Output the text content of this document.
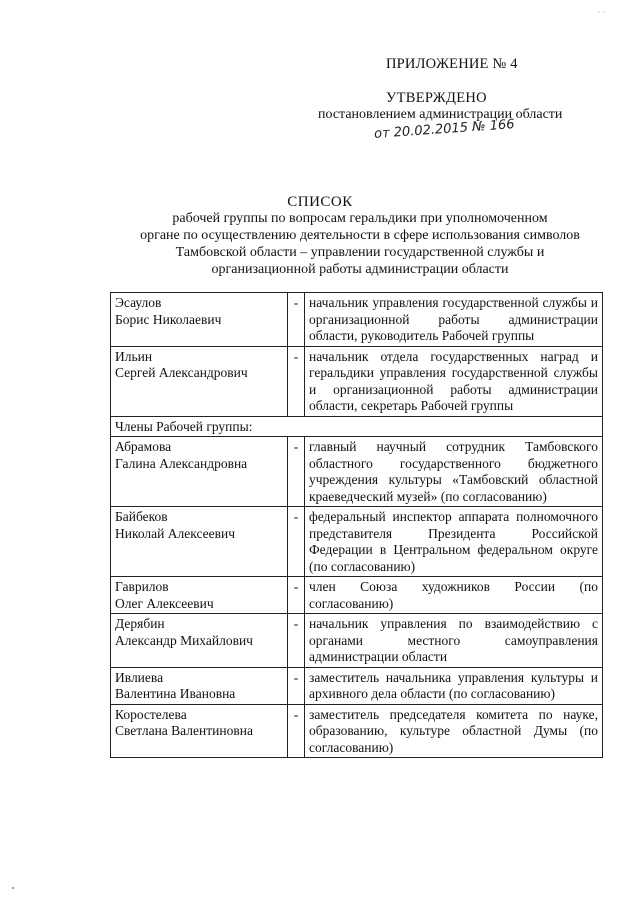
- -
ПРИЛОЖЕНИЕ № 4
УТВЕРЖДЕНО
постановлением администрации области
от 20.02.2015 № 166
СПИСОК
рабочей группы по вопросам геральдики при уполномоченном
органе по осуществлению деятельности в сфере использования символов
Тамбовской области – управлении государственной службы и
организационной работы администрации области
Эсаулов
Борис Николаевич	-	начальник управления государственной службы и организационной работы администрации области, руководитель Рабочей группы

Ильин
Сергей Александрович	-	начальник отдела государственных наград и геральдики управления государственной службы и организационной работы администрации области, секретарь Рабочей группы
Члены Рабочей группы:		

Абрамова
Галина Александровна	-	главный научный сотрудник Тамбовского областного государственного бюджетного учреждения культуры «Тамбовский областной краеведческий музей» (по согласованию)

Байбеков
Николай Алексеевич	-	федеральный инспектор аппарата полномочного представителя Президента Российской Федерации в Центральном федеральном округе (по согласованию)

Гаврилов
Олег Алексеевич	-	член Союза художников России (по согласованию)

Дерябин
Александр Михайлович	-	начальник управления по взаимодействию с органами местного самоуправления администрации области

Ивлиева
Валентина Ивановна	-	заместитель начальника управления культуры и архивного дела области (по согласованию)

Коростелева
Светлана Валентиновна	-	заместитель председателя комитета по науке, образованию, культуре областной Думы (по согласованию)
